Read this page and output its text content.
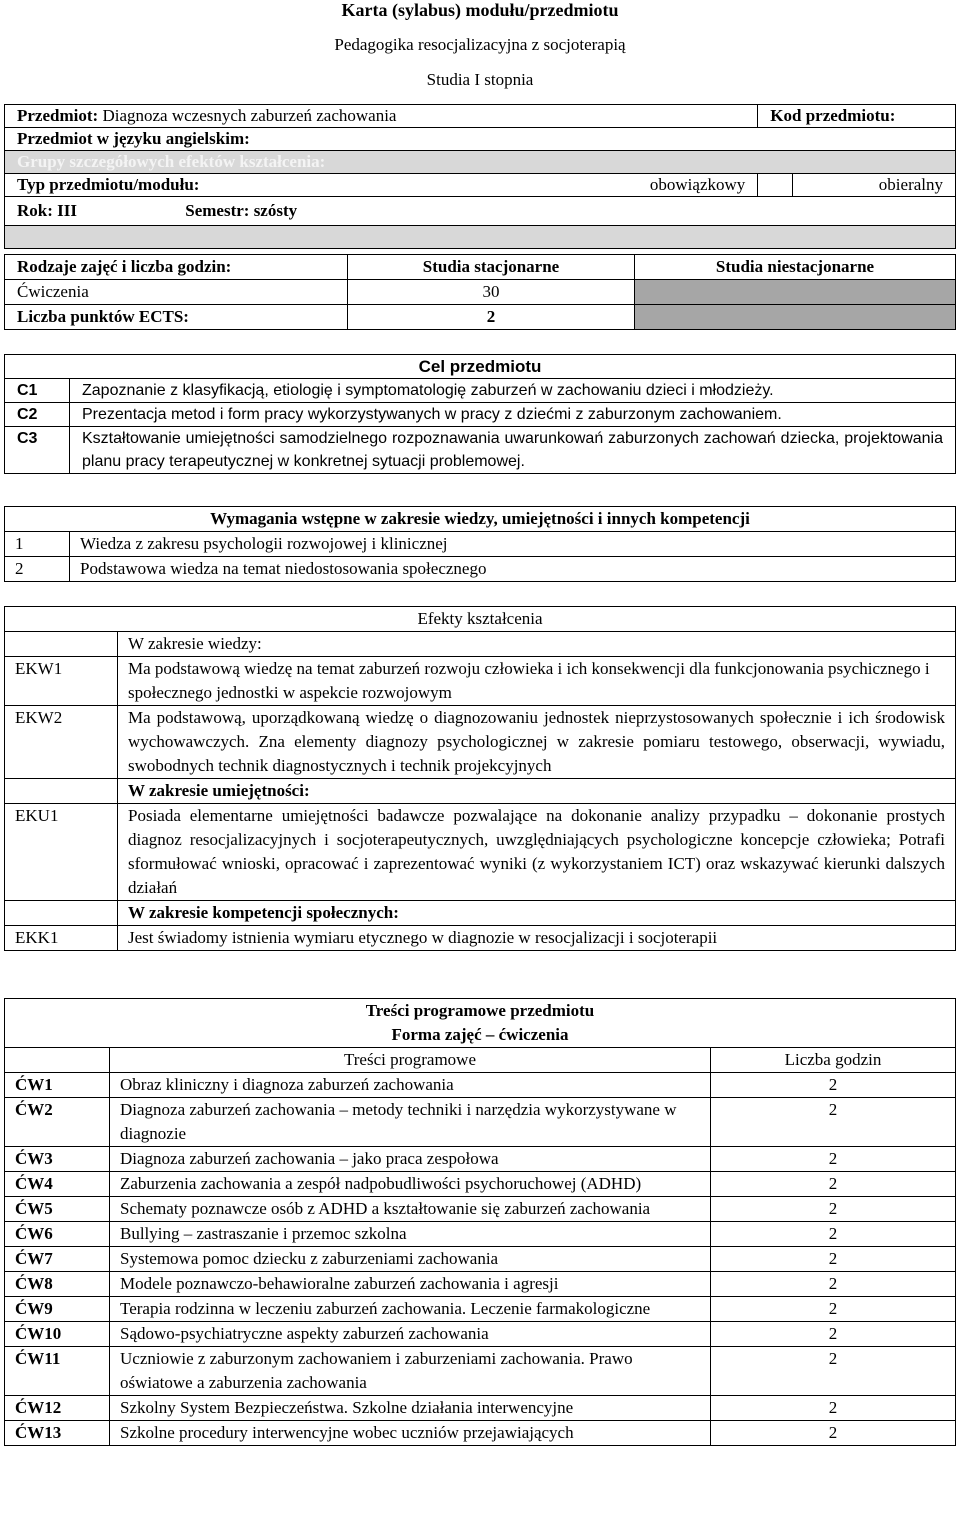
Karta (sylabus) modułu/przedmiotu
Pedagogika resocjalizacyjna z socjoterapią
Studia I stopnia
Przedmiot: Diagnoza wczesnych zaburzeń zachowania		Kod przedmiotu:	
Przedmiot w języku angielskim:			
Grupy szczegółowych efektów kształcenia:			
Typ przedmiotu/modułu:	obowiązkowy		obieralny
Rok: III Semestr: szósty			

Rodzaje zajęć i liczba godzin:	Studia stacjonarne	Studia niestacjonarne
Ćwiczenia	30	
Liczba punktów ECTS:	2	
Cel przedmiotu	
C1	Zapoznanie z klasyfikacją, etiologię i symptomatologię zaburzeń w zachowaniu dzieci i młodzieży.
C2	Prezentacja metod i form pracy wykorzystywanych w pracy z dziećmi z zaburzonym zachowaniem.
C3	Kształtowanie umiejętności samodzielnego rozpoznawania uwarunkowań zaburzonych zachowań dziecka, projektowania planu pracy terapeutycznej w konkretnej sytuacji problemowej.
Wymagania wstępne w zakresie wiedzy, umiejętności i innych kompetencji	
1	Wiedza z zakresu psychologii rozwojowej i klinicznej
2	Podstawowa wiedza na temat niedostosowania społecznego
Efekty kształcenia	
	W zakresie wiedzy:
EKW1	Ma podstawową wiedzę na temat zaburzeń rozwoju człowieka i ich konsekwencji dla funkcjonowania psychicznego i społecznego jednostki w aspekcie rozwojowym
EKW2	Ma podstawową, uporządkowaną wiedzę o diagnozowaniu jednostek nieprzystosowanych społecznie i ich środowisk wychowawczych. Zna elementy diagnozy psychologicznej w zakresie pomiaru testowego, obserwacji, wywiadu, swobodnych technik diagnostycznych i technik projekcyjnych
	W zakresie umiejętności:
EKU1	Posiada elementarne umiejętności badawcze pozwalające na dokonanie analizy przypadku – dokonanie prostych diagnoz resocjalizacyjnych i socjoterapeutycznych, uwzględniających psychologiczne koncepcje człowieka; Potrafi sformułować wnioski, opracować i zaprezentować wyniki (z wykorzystaniem ICT) oraz wskazywać kierunki dalszych działań
	W zakresie kompetencji społecznych:
EKK1	Jest świadomy istnienia wymiaru etycznego w diagnozie w resocjalizacji i socjoterapii
Treści programowe przedmiotu		
Forma zajęć – ćwiczenia		
	Treści programowe	Liczba godzin
ĆW1	Obraz kliniczny i diagnoza zaburzeń zachowania	2
ĆW2	Diagnoza zaburzeń zachowania – metody techniki i narzędzia wykorzystywane w diagnozie	2
ĆW3	Diagnoza zaburzeń zachowania – jako praca zespołowa	2
ĆW4	Zaburzenia zachowania a zespół nadpobudliwości psychoruchowej (ADHD)	2
ĆW5	Schematy poznawcze osób z ADHD a kształtowanie się zaburzeń zachowania	2
ĆW6	Bullying – zastraszanie i przemoc szkolna	2
ĆW7	Systemowa pomoc dziecku z zaburzeniami zachowania	2
ĆW8	Modele poznawczo-behawioralne zaburzeń zachowania i agresji	2
ĆW9	Terapia rodzinna w leczeniu zaburzeń zachowania. Leczenie farmakologiczne	2
ĆW10	Sądowo-psychiatryczne aspekty zaburzeń zachowania	2
ĆW11	Uczniowie z zaburzonym zachowaniem i zaburzeniami zachowania. Prawo oświatowe a zaburzenia zachowania	2
ĆW12	Szkolny System Bezpieczeństwa. Szkolne działania interwencyjne	2
ĆW13	Szkolne procedury interwencyjne wobec uczniów przejawiających	2
